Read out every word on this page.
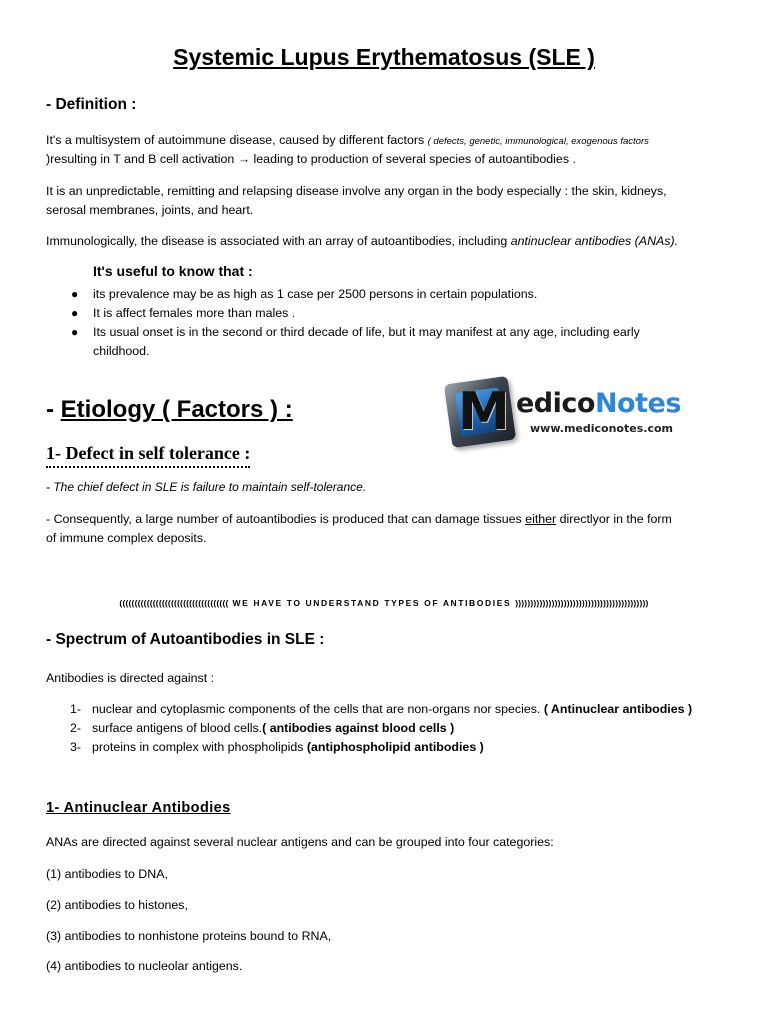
Systemic Lupus Erythematosus (SLE )
- Definition :
It's a multisystem of autoimmune disease, caused by different factors ( defects, genetic, immunological, exogenous factors
)resulting in T and B cell activation → leading to production of several species of autoantibodies .
It is an unpredictable, remitting and relapsing disease involve any organ in the body especially : the skin, kidneys,
serosal membranes, joints, and heart.
Immunologically, the disease is associated with an array of autoantibodies, including antinuclear antibodies (ANAs).
It's useful to know that :
● its prevalence may be as high as 1 case per 2500 persons in certain populations.
● It is affect females more than males .
● Its usual onset is in the second or third decade of life, but it may manifest at any age, including early childhood.
- Etiology ( Factors ) :	M edicoNotes
www.mediconotes.com
1- Defect in self tolerance :
- The chief defect in SLE is failure to maintain self-tolerance.
- Consequently, a large number of autoantibodies is produced that can damage tissues either directlyor in the form
of immune complex deposits.
(((((((((((((((((((((((((((((((((((( WE HAVE TO UNDERSTAND TYPES OF ANTIBODIES ))))))))))))))))))))))))))))))))))))))))))))
- Spectrum of Autoantibodies in SLE :
Antibodies is directed against :
1- nuclear and cytoplasmic components of the cells that are non-organs nor species. ( Antinuclear antibodies )
2- surface antigens of blood cells.( antibodies against blood cells )
3- proteins in complex with phospholipids (antiphospholipid antibodies )
1- Antinuclear Antibodies
ANAs are directed against several nuclear antigens and can be grouped into four categories:
(1) antibodies to DNA,
(2) antibodies to histones,
(3) antibodies to nonhistone proteins bound to RNA,
(4) antibodies to nucleolar antigens.
